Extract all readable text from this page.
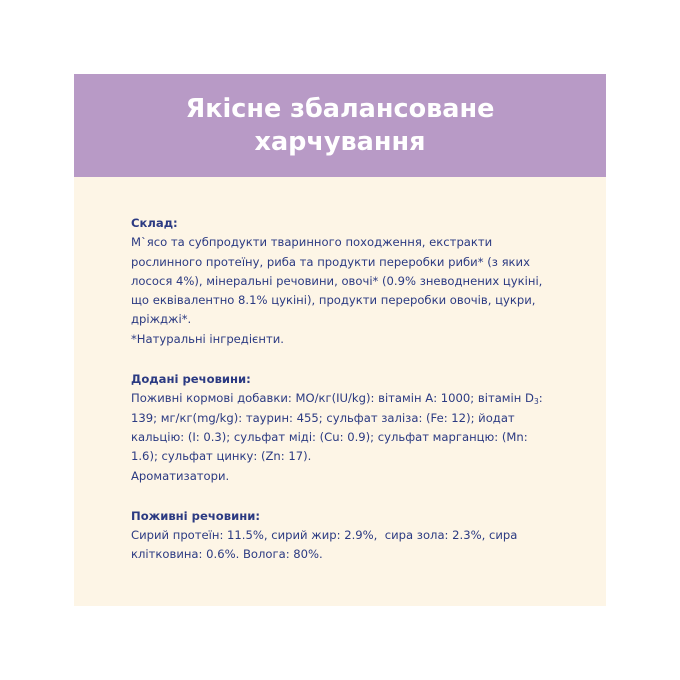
Якісне збалансоване харчування
Склад:

М`ясо та субпродукти тваринного походження, екстракти рослинного протеїну, риба та продукти переробки риби* (з яких лосося 4%), мінеральні речовини, овочі* (0.9% зневоднених цукіні, що еквівалентно 8.1% цукіні), продукти переробки овочів, цукри, дріжджі*.

*Натуральні інгредієнти.

Додані речовини:

Поживні кормові добавки: МО/кг(IU/kg): вітамін А: 1000; вітамін $D_3$: 139; мг/кг(mg/kg): таурин: 455; сульфат заліза: (Fe: 12); йодат кальцію: (I: 0.3); сульфат міді: (Cu: 0.9); сульфат марганцю: (Mn: 1.6); сульфат цинку: (Zn: 17).

Ароматизатори.

Поживні речовини:

Сирий протеїн: 11.5%, сирий жир: 2.9%,  сира зола: 2.3%, сира клітковина: 0.6%. Волога: 80%.
